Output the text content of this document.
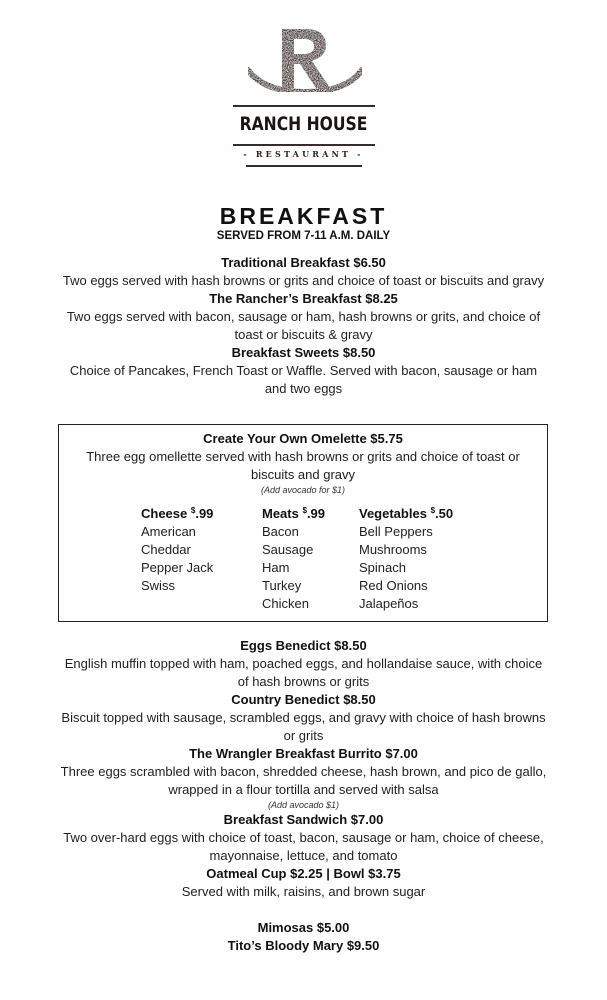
RANCH HOUSE
- RESTAURANT -
BREAKFAST
SERVED FROM 7-11 A.M. DAILY
Traditional Breakfast $6.50
Two eggs served with hash browns or grits and choice of toast or biscuits and gravy
The Rancher’s Breakfast $8.25
Two eggs served with bacon, sausage or ham, hash browns or grits, and choice of toast or biscuits & gravy
Breakfast Sweets $8.50
Choice of Pancakes, French Toast or Waffle. Served with bacon, sausage or ham and two eggs
Create Your Own Omelette $5.75
Three egg omellette served with hash browns or grits and choice of toast or biscuits and gravy
(Add avocado for $1)
Cheese $.99
American
Cheddar
Pepper Jack
Swiss
Meats $.99
Bacon
Sausage
Ham
Turkey
Chicken
Vegetables $.50
Bell Peppers
Mushrooms
Spinach
Red Onions
Jalapeños
Eggs Benedict $8.50
English muffin topped with ham, poached eggs, and hollandaise sauce, with choice of hash browns or grits
Country Benedict $8.50
Biscuit topped with sausage, scrambled eggs, and gravy with choice of hash browns or grits
The Wrangler Breakfast Burrito $7.00
Three eggs scrambled with bacon, shredded cheese, hash brown, and pico de gallo, wrapped in a flour tortilla and served with salsa
(Add avocado $1)
Breakfast Sandwich $7.00
Two over-hard eggs with choice of toast, bacon, sausage or ham, choice of cheese, mayonnaise, lettuce, and tomato
Oatmeal Cup $2.25 | Bowl $3.75
Served with milk, raisins, and brown sugar
Mimosas $5.00
Tito’s Bloody Mary $9.50
